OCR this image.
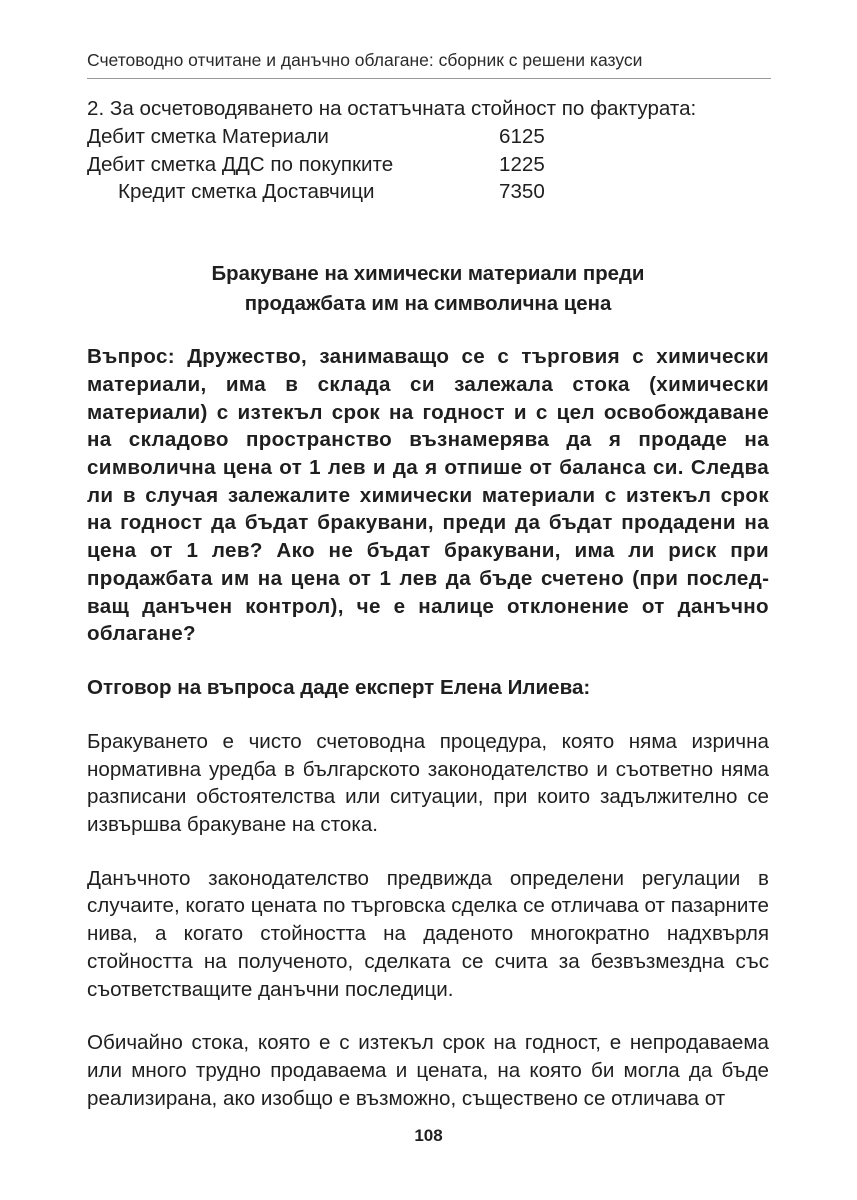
Счетоводно отчитане и данъчно облагане: сборник с решени казуси
2. За осчетоводяването на остатъчната стойност по фактурата:
Дебит сметка Материали	6125
Дебит сметка ДДС по покупките	1225
Кредит сметка Доставчици	7350
Бракуване на химически материали преди
продажбата им на символична цена
Въпрос: Дружество, занимаващо се с търговия с химически материали, има в склада си залежала стока (химически материали) с изтекъл срок на годност и с цел освобождаване на складово пространство възнамерява да я продаде на символична цена от 1 лев и да я отпише от баланса си. Следва ли в случая залежалите химически материали с изтекъл срок на годност да бъдат бракувани, преди да бъдат продадени на цена от 1 лев? Ако не бъдат бракувани, има ли риск при продажбата им на цена от 1 лев да бъде счетено (при последващ данъчен контрол), че е налице отклонение от данъчно облагане?
Отговор на въпроса даде експерт Елена Илиева:
Бракуването е чисто счетоводна процедура, която няма изрична нормативна уредба в българското законодателство и съответно няма разписани обстоятелства или ситуации, при които задължително се извършва бракуване на стока.
Данъчното законодателство предвижда определени регулации в случаите, когато цената по търговска сделка се отличава от пазарните нива, а когато стойността на даденото многократно надхвърля стойността на полученото, сделката се счита за безвъзмездна със съответстващите данъчни последици.
Обичайно стока, която е с изтекъл срок на годност, е непродаваема или много трудно продаваема и цената, на която би могла да бъде реализирана, ако изобщо е възможно, съществено се отличава от
108
